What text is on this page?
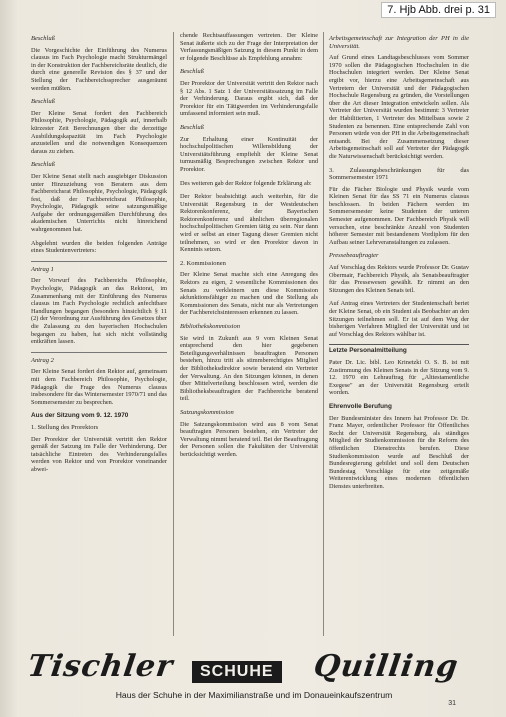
7. Hjb Abb. drei p. 31
Beschluß

Die Vorgeschichte der Einführung des Numerus clausus im Fach Psychologie macht Strukturmängel in der Konstruktion der Fachbereichsräte deutlich, die durch eine generelle Revision des § 37 und der Stellung der Fachbereichssprecher ausgeräumt werden müßten.

Beschluß

Der Kleine Senat fordert den Fachbereich Philosophie, Psychologie, Pädagogik auf, innerhalb kürzester Zeit Berechnungen über die derzeitige Ausbildungskapazität im Fach Psychologie anzustellen und die notwendigen Konsequenzen daraus zu ziehen.

Beschluß

Der Kleine Senat stellt nach ausgiebiger Diskussion unter Hinzuziehung von Beratern aus dem Fachbereichsrat Philosophie, Psychologie, Pädagogik fest, daß der Fachbereichsrat Philosophie, Psychologie, Pädagogik seine satzungsmäßige Aufgabe der ordnungsgemäßen Durchführung des akademischen Unterrichts nicht hinreichend wahrgenommen hat.

Abgelehnt wurden die beiden folgenden Anträge eines Studentenvertreters:

Antrag 1

Der Vorwurf des Fachbereichs Philosophie, Psychologie, Pädagogik an das Rektorat, im Zusammenhang mit der Einführung des Numerus clausus im Fach Psychologie rechtlich anfechtbare Handlungen begangen (besonders hinsichtlich § 11 (2) der Verordnung zur Ausführung des Gesetzes über die Zulassung zu den bayerischen Hochschulen begangen zu haben, hat sich nicht vollständig entkräften lassen.

Antrag 2

Der Kleine Senat fordert den Rektor auf, gemeinsam mit dem Fachbereich Philosophie, Psychologie, Pädagogik die Frage des Numerus clausus insbesondere für das Wintersemester 1970/71 und das Sommersemester zu besprechen.

Aus der Sitzung vom 9. 12. 1970
1. Stellung des Prorektors

Der Prorektor der Universität vertritt den Rektor gemäß der Satzung im Falle der Verhinderung. Der tatsächliche Eintreten des Verhinderungsfalles werden von Rektor und von Prorektor voneinander abwei-

chende Rechtsauffassungen vertreten. Der Kleine Senat äußerte sich zu der Frage der Interpretation der Verfassungsmäßigen Satzung in diesem Punkt in dem er folgende Beschlüsse als Empfehlung annahm:

Beschluß

Der Prorektor der Universität vertritt den Rektor nach § 12 Abs. 1 Satz 1 der Universitätssatzung im Falle der Verhinderung. Daraus ergibt sich, daß der Prorektor für ein Tätigwerden im Verhinderungsfalle umfassend informiert sein muß.

Beschluß

Zur Erhaltung einer Kontinuität der hochschulpolitischen Willensbildung der Universitätsführung empfiehlt der Kleine Senat turnusmäßig Besprechungen zwischen Rektor und Prorektor.

Des weiteren gab der Rektor folgende Erklärung ab:

Der Rektor beabsichtigt auch weiterhin, für die Universität Regensburg in der Westdeutschen Rektorenkonferenz, der Bayerischen Rektorenkonferenz und ähnlichen überregionalen hochschulpolitischen Gremien tätig zu sein. Nur dann wird er selbst an einer Tagung dieser Gremien nicht teilnehmen, so wird er den Prorektor davon in Kenntnis setzen.

2. Kommissionen

Der Kleine Senat machte sich eine Anregung des Rektors zu eigen, 2 wesentliche Kommissionen des Senats zu verkleinern um diese Kommission akfunktionsfähiger zu machen und die Stellung als Kommissionen des Senats, nicht nur als Vertretungen der Fachbereichsinteressen erkennen zu lassen.

Bibliothekskommission

Sie wird in Zukunft aus 9 vom Kleinen Senat entsprechend den hier gegebenen Beteiligungsverhältnissen beauftragten Personen bestehen, hinzu tritt als stimmberechtigtes Mitglied der Bibliotheksdirektor sowie beratend ein Vertreter der Verwaltung. An den Sitzungen können, in denen über Mittelverteilung beschlossen wird, werden die Bibliotheksbeauftragten der Fachbereiche beratend teil.

Satzungskommission

Die Satzungskommission wird aus 8 vom Senat beauftragten Personen bestehen, ein Vertreter der Verwaltung nimmt beratend teil. Bei der Beauftragung der Personen sollen die Fakultäten der Universität berücksichtigt werden.

Arbeitsgemeinschaft zur Integration der PH in die Universität.

Auf Grund eines Landtagsbeschlusses vom Sommer 1970 sollen die Pädagogischen Hochschulen in die Hochschulen integriert werden. Der Kleine Senat ergibt vor, hierzu eine Arbeitsgemeinschaft aus Vertretern der Universität und der Pädagogischen Hochschule Regensburg zu gründen, die Vorstellungen über die Art dieser Integration entwickeln sollen. Als Vertreter der Universität wurden bestimmt: 3 Vertreter der Habilitierten, 1 Vertreter des Mittelbaus sowie 2 Studenten zu benennen. Eine entsprechende Zahl von Personen würde von der PH in die Arbeitsgemeinschaft entsandt. Bei der Zusammensetzung dieser Arbeitsgemeinschaft soll auf Vertreter der Pädagogik die Naturwissenschaft berücksichtigt werden.

3. Zulassungsbeschränkungen für das Sommersemester 1971

Für die Fächer Biologie und Physik wurde vom Kleinen Senat für das SS 71 ein Numerus clausus beschlossen. In beiden Fächern werden im Sommersemester keine Studenten der unteren Semester aufgenommen. Der Fachbereich Physik will versuchen, eine beschränkte Anzahl von Studenten höherer Semester mit bestandenem Vordiplom für den Aufbau seiner Lehrveranstaltungen zu zulassen.

Pressebeauftragter

Auf Vorschlag des Rektors wurde Professor Dr. Gustav Obermair, Fachbereich Physik, als Senatsbeauftragter für das Pressewesen gewählt. Er nimmt an den Sitzungen des Kleinen Senats teil.

Auf Antrag eines Vertreters der Studentenschaft beriet der Kleine Senat, ob ein Student als Beobachter an den Sitzungen teilnehmen soll. Er ist auf dem Weg der bisherigen Verfahren Mitglied der Universität und ist auf Vorschlag des Rektors wählbar ist.

Letzte Personalmitteilung

Pater Dr. Lic. bibl. Leo Krinetzki O. S. B. ist mit Zustimmung des Kleinen Senats in der Sitzung vom 9. 12. 1970 ein Lehrauftrag für „Alttestamentliche Exegese" an der Universität Regensburg erteilt worden.

Ehrenvolle Berufung

Der Bundesminister des Innern hat Professor Dr. Dr. Franz Mayer, ordentlicher Professor für Öffentliches Recht der Universität Regensburg, als ständiges Mitglied der Studienkommission für die Reform des öffentlichen Dienstrechts berufen. Diese Studienkommission wurde auf Beschluß der Bundesregierung gebildet und soll dem Deutschen Bundestag Vorschläge für eine zeitgemäße Weiterentwicklung eines modernen öffentlichen Dienstes unterbreiten.

Tischler	SCHUHE Quilling
Haus der Schuhe in der Maximilianstraße und im Donaueinkaufszentrum
31
